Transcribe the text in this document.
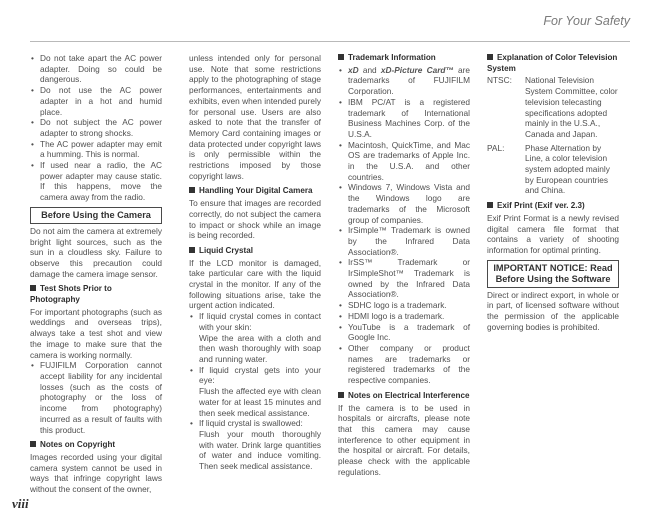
For Your Safety
• Do not take apart the AC power adapter. Doing so could be dangerous.
• Do not use the AC power adapter in a hot and humid place.
• Do not subject the AC power adapter to strong shocks.
• The AC power adapter may emit a humming. This is normal.
• If used near a radio, the AC power adapter may cause static. If this happens, move the camera away from the radio.
Before Using the Camera

Do not aim the camera at extremely bright light sources, such as the sun in a cloudless sky. Failure to observe this precaution could damage the camera image sensor.

Test Shots Prior to Photography

For important photographs (such as weddings and overseas trips), always take a test shot and view the image to make sure that the camera is working normally.

• FUJIFILM Corporation cannot accept liability for any incidental losses (such as the costs of photography or the loss of income from photography) incurred as a result of faults with this product.
Notes on Copyright

Images recorded using your digital camera system cannot be used in ways that infringe copyright laws without the consent of the owner,

unless intended only for personal use. Note that some restrictions apply to the photographing of stage performances, entertainments and exhibits, even when intended purely for personal use. Users are also asked to note that the transfer of Memory Card containing images or data protected under copyright laws is only permissible within the restrictions imposed by those copyright laws.

Handling Your Digital Camera

To ensure that images are recorded correctly, do not subject the camera to impact or shock while an image is being recorded.

Liquid Crystal

If the LCD monitor is damaged, take particular care with the liquid crystal in the monitor. If any of the following situations arise, take the urgent action indicated.

• If liquid crystal comes in contact with your skin:

Wipe the area with a cloth and then wash thoroughly with soap and running water.

• If liquid crystal gets into your eye:

Flush the affected eye with clean water for at least 15 minutes and then seek medical assistance.

• If liquid crystal is swallowed:

Flush your mouth thoroughly with water. Drink large quantities of water and induce vomiting. Then seek medical assistance.

Trademark Information
• xD and xD-Picture Card™ are trademarks of FUJIFILM Corporation.
• IBM PC/AT is a registered trademark of International Business Machines Corp. of the U.S.A.
• Macintosh, QuickTime, and Mac OS are trademarks of Apple Inc. in the U.S.A. and other countries.
• Windows 7, Windows Vista and the Windows logo are trademarks of the Microsoft group of companies.
• IrSimple™ Trademark is owned by the Infrared Data Association®.
• IrSS™ Trademark or IrSimpleShot™ Trademark is owned by the Infrared Data Association®.
• SDHC logo is a trademark.
• HDMI logo is a trademark.
• YouTube is a trademark of Google Inc.
• Other company or product names are trademarks or registered trademarks of the respective companies.
Notes on Electrical Interference

If the camera is to be used in hospitals or aircrafts, please note that this camera may cause interference to other equipment in the hospital or aircraft. For details, please check with the applicable regulations.

Explanation of Color Television System
NTSC:	National Television System Committee, color television telecasting specifications adopted mainly in the U.S.A., Canada and Japan.
PAL:	Phase Alternation by Line, a color television system adopted mainly by European countries and China.
Exif Print (Exif ver. 2.3)

Exif Print Format is a newly revised digital camera file format that contains a variety of shooting information for optimal printing.

IMPORTANT NOTICE: Read Before Using the Software

Direct or indirect export, in whole or in part, of licensed software without the permission of the applicable governing bodies is prohibited.

viii
